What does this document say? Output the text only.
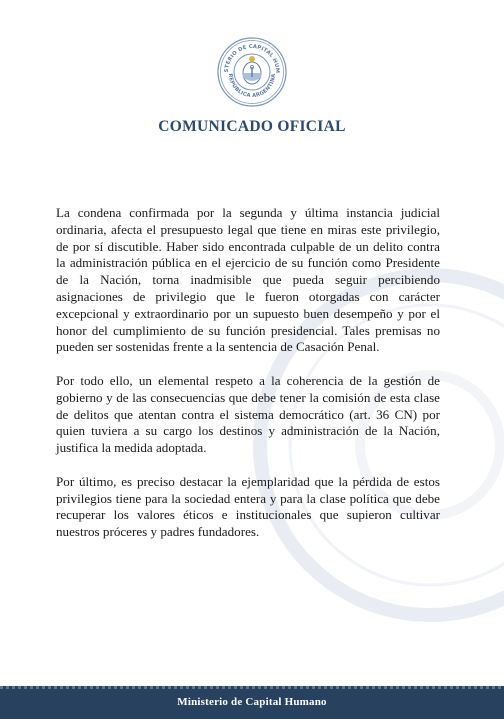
STERIO DE CAPITAL HUM
REPÚBLICA ARGENTINA
COMUNICADO OFICIAL

La condena confirmada por la segunda y última instancia judicial ordinaria, afecta el presupuesto legal que tiene en miras este privilegio, de por sí discutible. Haber sido encontrada culpable de un delito contra la administración pública en el ejercicio de su función como Presidente de la Nación, torna inadmisible que pueda seguir percibiendo asignaciones de privilegio que le fueron otorgadas con carácter excepcional y extraordinario por un supuesto buen desempeño y por el honor del cumplimiento de su función presidencial. Tales premisas no pueden ser sostenidas frente a la sentencia de Casación Penal.

Por todo ello, un elemental respeto a la coherencia de la gestión de gobierno y de las consecuencias que debe tener la comisión de esta clase de delitos que atentan contra el sistema democrático (art. 36 CN) por quien tuviera a su cargo los destinos y administración de la Nación, justifica la medida adoptada.

Por último, es preciso destacar la ejemplaridad que la pérdida de estos privilegios tiene para la sociedad entera y para la clase política que debe recuperar los valores éticos e institucionales que supieron cultivar nuestros próceres y padres fundadores.

Ministerio de Capital Humano
